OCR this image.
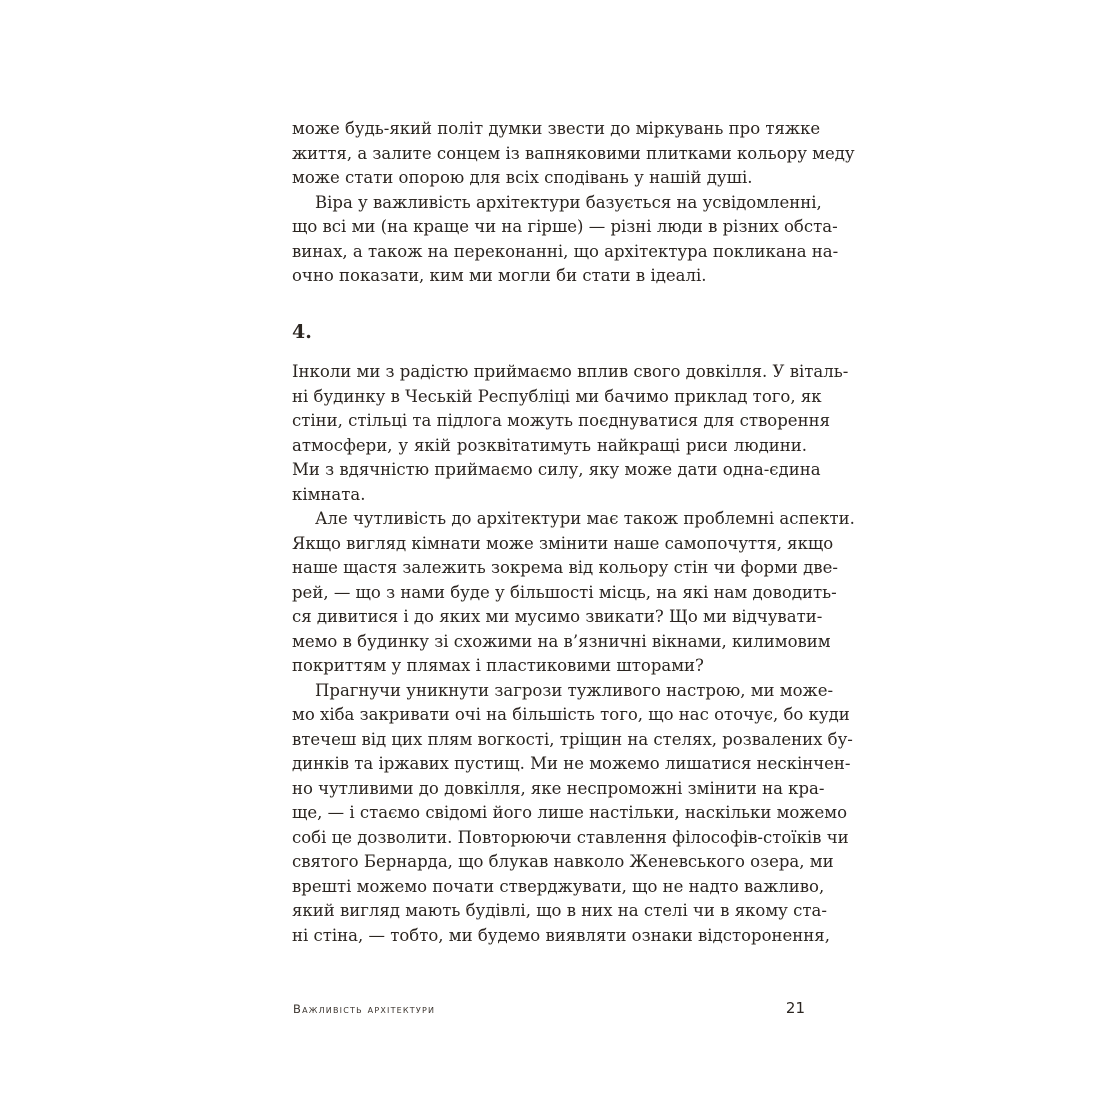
може будь-який політ думки звести до міркувань про тяжке
життя, а залите сонцем із вапняковими плитками кольору меду
може стати опорою для всіх сподівань у нашій душі.
Віра у важливість архітектури базується на усвідомленні,
що всі ми (на краще чи на гірше) — різні люди в різних обста-
винах, а також на переконанні, що архітектура покликана на-
очно показати, ким ми могли би стати в ідеалі.
4.
Інколи ми з радістю приймаємо вплив свого довкілля. У віталь-
ні будинку в Чеській Республіці ми бачимо приклад того, як
стіни, стільці та підлога можуть поєднуватися для створення
атмосфери, у якій розквітатимуть найкращі риси людини.
Ми з вдячністю приймаємо силу, яку може дати одна-єдина
кімната.
Але чутливість до архітектури має також проблемні аспекти.
Якщо вигляд кімнати може змінити наше самопочуття, якщо
наше щастя залежить зокрема від кольору стін чи форми две-
рей, — що з нами буде у більшості місць, на які нам доводить-
ся дивитися і до яких ми мусимо звикати? Що ми відчувати-
мемо в будинку зі схожими на в’язничні вікнами, килимовим
покриттям у плямах і пластиковими шторами?
Прагнучи уникнути загрози тужливого настрою, ми може-
мо хіба закривати очі на більшість того, що нас оточує, бо куди
втечеш від цих плям вогкості, тріщин на стелях, розвалених бу-
динків та іржавих пустищ. Ми не можемо лишатися нескінчен-
но чутливими до довкілля, яке неспроможні змінити на кра-
ще, — і стаємо свідомі його лише настільки, наскільки можемо
собі це дозволити. Повторюючи ставлення філософів-стоїків чи
святого Бернарда, що блукав навколо Женевського озера, ми
врешті можемо почати стверджувати, що не надто важливо,
який вигляд мають будівлі, що в них на стелі чи в якому ста-
ні стіна, — тобто, ми будемо виявляти ознаки відсторонення,
Важливість архітектури	21
